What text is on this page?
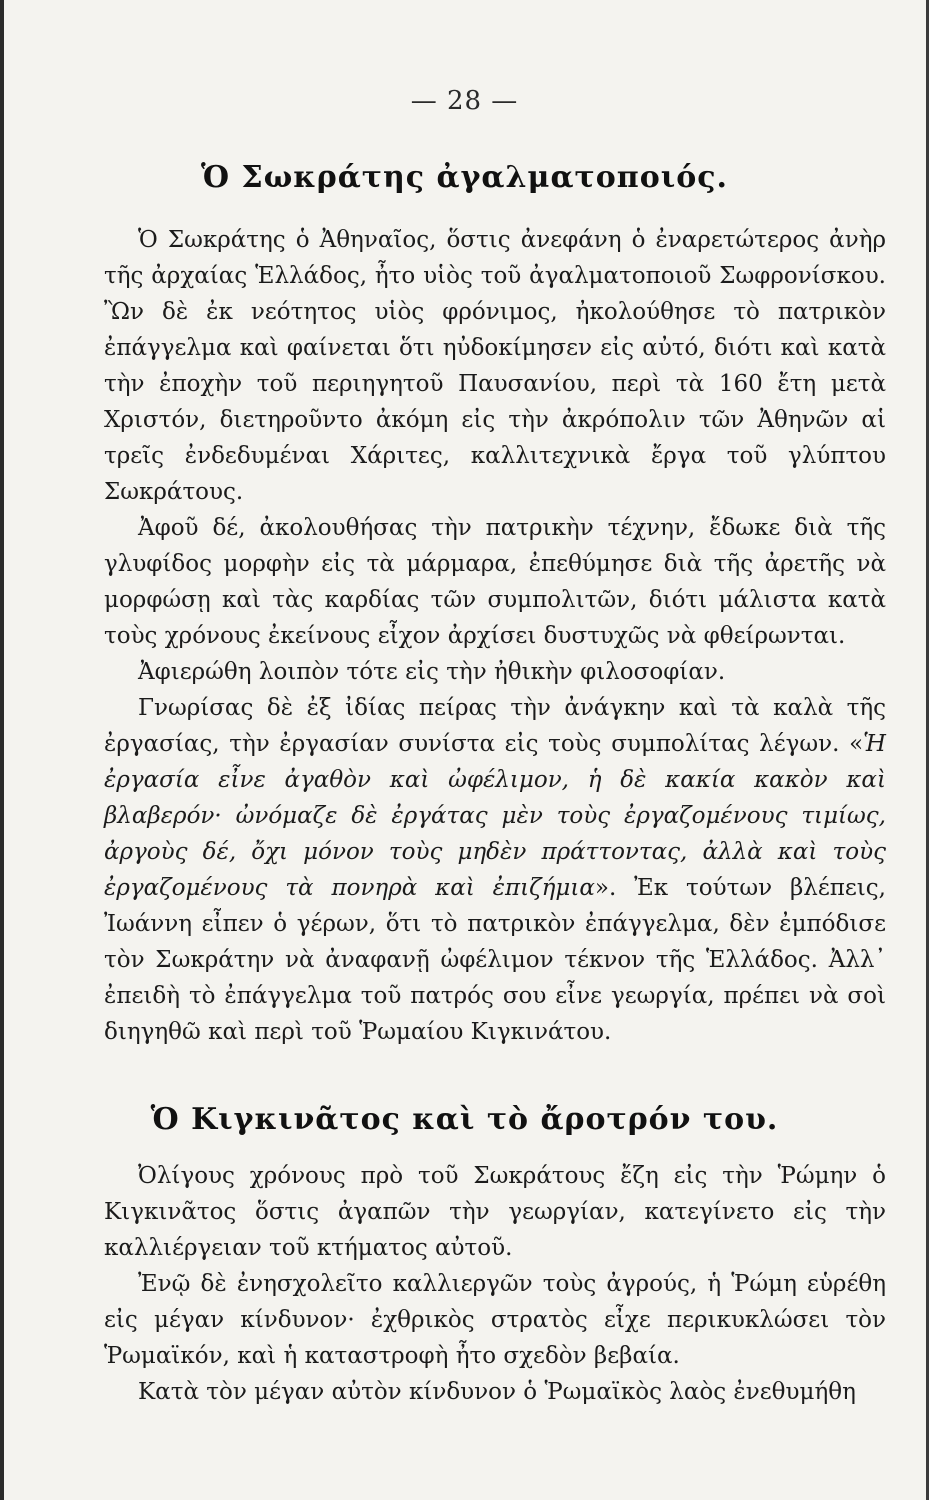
— 28 —
Ὁ Σωκράτης ἀγαλματοποιός.

Ὁ Σωκράτης ὁ Ἀθηναῖος, ὅστις ἀνεφάνη ὁ ἐναρετώτερος ἀνὴρ τῆς ἀρχαίας Ἑλλάδος, ἦτο υἱὸς τοῦ ἀγαλματοποιοῦ Σωφρονίσκου. Ὢν δὲ ἐκ νεότητος υἱὸς φρόνιμος, ἠκολούθησε τὸ πατρικὸν ἐπάγγελμα καὶ φαίνεται ὅτι ηὐδοκίμησεν εἰς αὐτό, διότι καὶ κατὰ τὴν ἐποχὴν τοῦ περιηγητοῦ Παυσανίου, περὶ τὰ 160 ἔτη μετὰ Χριστόν, διετηροῦντο ἀκόμη εἰς τὴν ἀκρόπολιν τῶν Ἀθηνῶν αἱ τρεῖς ἐνδεδυμέναι Χάριτες, καλλιτεχνικὰ ἔργα τοῦ γλύπτου Σωκράτους.

Ἀφοῦ δέ, ἀκολουθήσας τὴν πατρικὴν τέχνην, ἔδωκε διὰ τῆς γλυφίδος μορφὴν εἰς τὰ μάρμαρα, ἐπεθύμησε διὰ τῆς ἀρετῆς νὰ μορφώσῃ καὶ τὰς καρδίας τῶν συμπολιτῶν, διότι μάλιστα κατὰ τοὺς χρόνους ἐκείνους εἶχον ἀρχίσει δυστυχῶς νὰ φθείρωνται.

Ἀφιερώθη λοιπὸν τότε εἰς τὴν ἠθικὴν φιλοσοφίαν.

Γνωρίσας δὲ ἐξ ἰδίας πείρας τὴν ἀνάγκην καὶ τὰ καλὰ τῆς ἐργασίας, τὴν ἐργασίαν συνίστα εἰς τοὺς συμπολίτας λέγων. «Ἡ ἐργασία εἶνε ἀγαθὸν καὶ ὠφέλιμον, ἡ δὲ κακία κακὸν καὶ βλαβερόν· ὠνόμαζε δὲ ἐργάτας μὲν τοὺς ἐργαζομένους τιμίως, ἀργοὺς δέ, ὄχι μόνον τοὺς μηδὲν πράττοντας, ἀλλὰ καὶ τοὺς ἐργαζομένους τὰ πονηρὰ καὶ ἐπιζήμια». Ἐκ τούτων βλέπεις, Ἰωάννη εἶπεν ὁ γέρων, ὅτι τὸ πατρικὸν ἐπάγγελμα, δὲν ἐμπόδισε τὸν Σωκράτην νὰ ἀναφανῇ ὠφέλιμον τέκνον τῆς Ἑλλάδος. Ἀλλ᾽ ἐπειδὴ τὸ ἐπάγγελμα τοῦ πατρός σου εἶνε γεωργία, πρέπει νὰ σοὶ διηγηθῶ καὶ περὶ τοῦ Ῥωμαίου Κιγκινάτου.

Ὁ Κιγκινᾶτος καὶ τὸ ἄροτρόν του.

Ὀλίγους χρόνους πρὸ τοῦ Σωκράτους ἔζη εἰς τὴν Ῥώμην ὁ Κιγκινᾶτος ὅστις ἀγαπῶν τὴν γεωργίαν, κατεγίνετο εἰς τὴν καλλιέργειαν τοῦ κτήματος αὐτοῦ.

Ἐνῷ δὲ ἐνησχολεῖτο καλλιεργῶν τοὺς ἀγρούς, ἡ Ῥώμη εὑρέθη εἰς μέγαν κίνδυνον· ἐχθρικὸς στρατὸς εἶχε περικυκλώσει τὸν Ῥωμαϊκόν, καὶ ἡ καταστροφὴ ἦτο σχεδὸν βεβαία.

Κατὰ τὸν μέγαν αὐτὸν κίνδυνον ὁ Ῥωμαϊκὸς λαὸς ἐνεθυμήθη
